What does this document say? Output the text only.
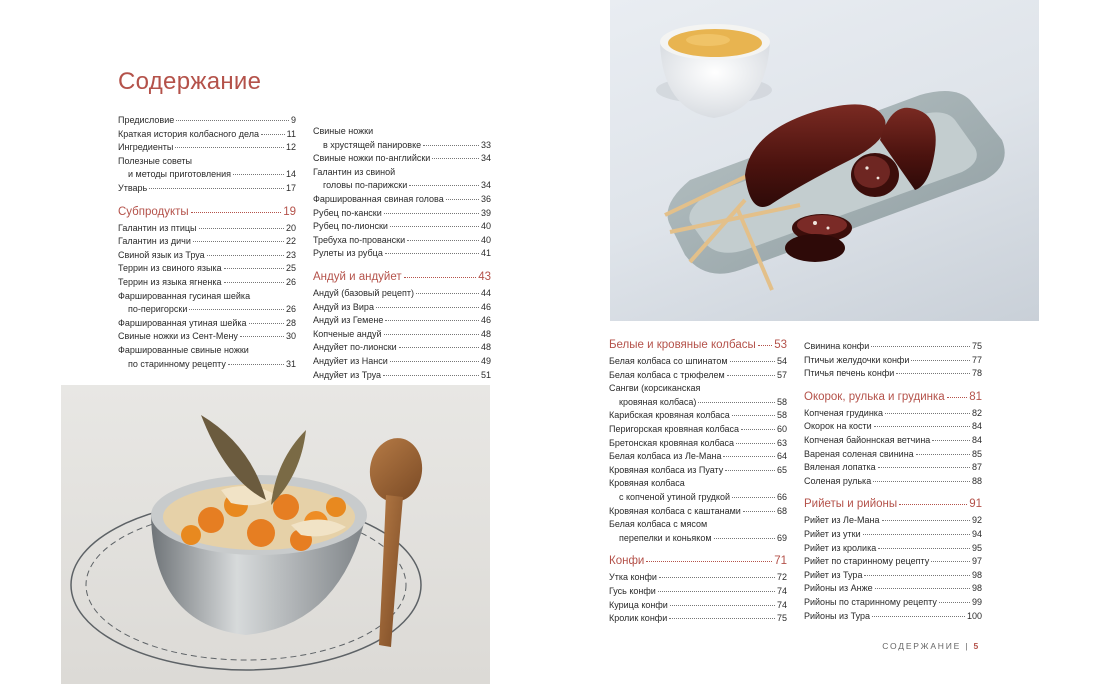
Содержание
Предисловие	9
Краткая история колбасного дела	11
Ингредиенты	12
Полезные советы
и методы приготовления	14
Утварь	17
Субпродукты	19
Галантин из птицы	20
Галантин из дичи	22
Свиной язык из Труа	23
Террин из свиного языка	25
Террин из языка ягненка	26
Фаршированная гусиная шейка
по-перигорски	26
Фаршированная утиная шейка	28
Свиные ножки из Сент-Мену	30
Фаршированные свиные ножки
по старинному рецепту	31
Свиные ножки
в хрустящей панировке	33
Свиные ножки по-английски	34
Галантин из свиной
головы по-парижски	34
Фаршированная свиная голова	36
Рубец по-кански	39
Рубец по-лионски	40
Требуха по-провански	40
Рулеты из рубца	41
Андуй и андуйет	43
Андуй (базовый рецепт)	44
Андуй из Вира	46
Андуй из Гемене	46
Копченые андуй	48
Андуйет по-лионски	48
Андуйет из Нанси	49
Андуйет из Труа	51
Белые и кровяные колбасы 53
Белая колбаса со шпинатом	54
Белая колбаса с трюфелем	57
Сангви (корсиканская
кровяная колбаса)	58
Карибская кровяная колбаса	58
Перигорская кровяная колбаса	60
Бретонская кровяная колбаса	63
Белая колбаса из Ле-Мана	64
Кровяная колбаса из Пуату	65
Кровяная колбаса
с копченой утиной грудкой	66
Кровяная колбаса с каштанами	68
Белая колбаса с мясом
перепелки и коньяком	69
Конфи	71
Утка конфи	72
Гусь конфи	74
Курица конфи	74
Кролик конфи	75
Свинина конфи	75
Птичьи желудочки конфи	77
Птичья печень конфи	78
Окорок, рулька и грудинка 81
Копченая грудинка	82
Окорок на кости	84
Копченая байоннская ветчина	84
Вареная соленая свинина	85
Вяленая лопатка	87
Соленая рулька	88
Рийеты и рийоны	91
Рийет из Ле-Мана	92
Рийет из утки	94
Рийет из кролика	95
Рийет по старинному рецепту	97
Рийет из Тура	98
Рийоны из Анже	98
Рийоны по старинному рецепту	99
Рийоны из Тура	100
СОДЕРЖАНИЕ | 5
